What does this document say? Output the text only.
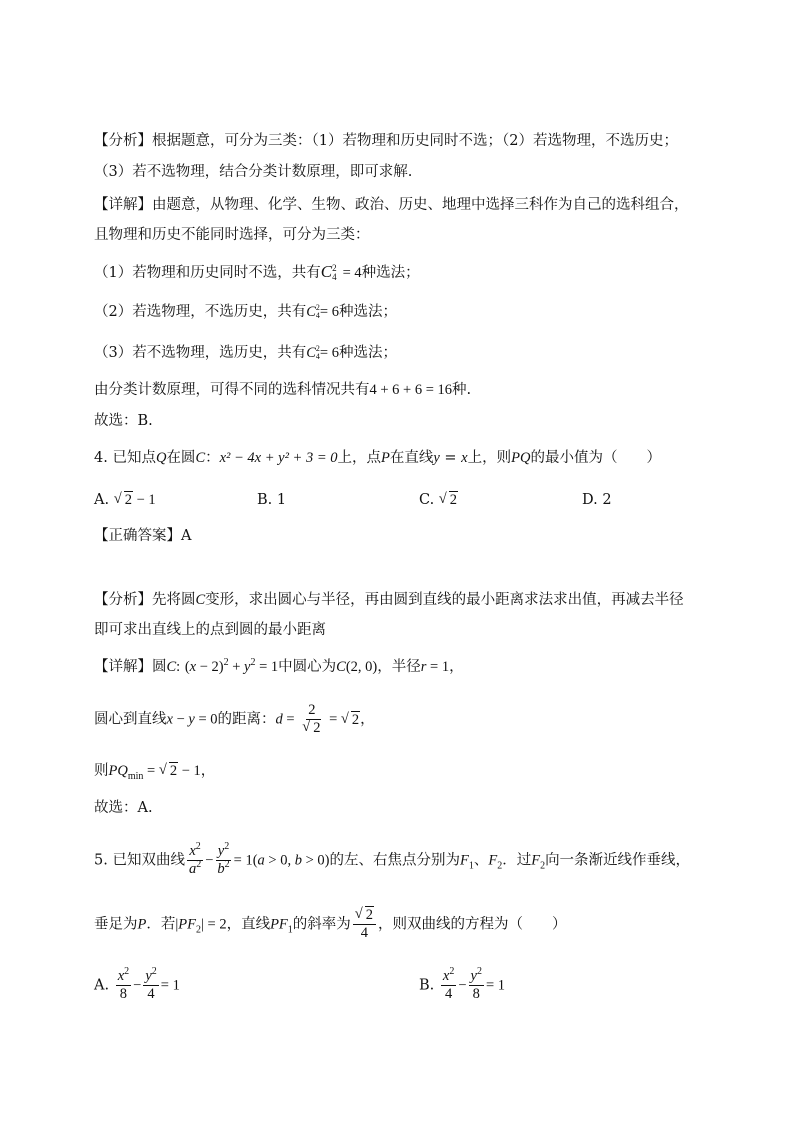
【分析】根据题意，可分为三类：（1）若物理和历史同时不选；（2）若选物理，不选历史；
（3）若不选物理，结合分类计数原理，即可求解.
【详解】由题意，从物理、化学、生物、政治、历史、地理中选择三科作为自己的选科组合，
且物理和历史不能同时选择，可分为三类：
（1）若物理和历史同时不选，共有C2
4 = 4种选法；
（2）若选物理，不选历史，共有C2
4= 6种选法；
（3）若不选物理，选历史，共有C2
4= 6种选法；
由分类计数原理，可得不同的选科情况共有4 + 6 + 6 = 16种.
故选：B.
4. 已知点Q在圆C：x² − 4x + y² + 3 = 0上，点P在直线y = x上，则PQ的最小值为（　　）
A. √ 2 − 1	B. 1	C. √ 2	D. 2
【正确答案】A
【分析】先将圆C变形，求出圆心与半径，再由圆到直线的最小距离求法求出值，再减去半径
即可求出直线上的点到圆的最小距离
【详解】圆C: $(x - 2)^2 + y^2 = 1$中圆心为C(2, 0)，半径r = 1，
圆心到直线x − y = 0的距离：d = 2
√ 2 = √ 2，
则$PQ_{min}$ = √ 2 − 1，
故选：A.
5. 已知双曲线 $\frac{x^2}{a^2} - \frac{y^2}{b^2} = 1(a > 0$, b > 0)的左、右焦点分别为$F_1$、$F_2$．过$F_2$向一条渐近线作垂线，
垂足为P．若$|PF_2| = 2$，直线$PF_1$的斜率为 √ $\frac{2}{4}$ ，则双曲线的方程为（　　）
A. $\frac{x^2}{8} - \frac{y^2}{4} = 1$	B. $\frac{x^2}{4} - \frac{y^2}{8} = 1$
